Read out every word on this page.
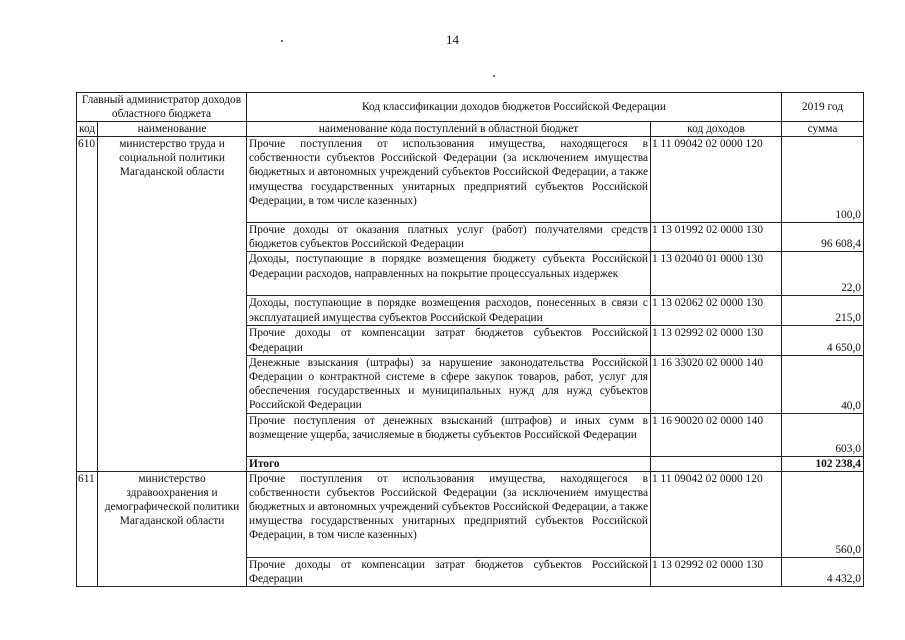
14
Главный администратор доходов областного бюджета		Код классификации доходов бюджетов Российской Федерации		2019 год
код	наименование	наименование кода поступлений в областной бюджет	код доходов	сумма
610	министерство труда и социальной политики Магаданской области	Прочие поступления от использования имущества, находящегося в собственности субъектов Российской Федерации (за исключением имущества бюджетных и автономных учреждений субъектов Российской Федерации, а также имущества государственных унитарных предприятий субъектов Российской Федерации, в том числе казенных)	1 11 09042 02 0000 120	100,0
		Прочие доходы от оказания платных услуг (работ) получателями средств бюджетов субъектов Российской Федерации	1 13 01992 02 0000 130	96 608,4
		Доходы, поступающие в порядке возмещения бюджету субъекта Российской Федерации расходов, направленных на покрытие процессуальных издержек	1 13 02040 01 0000 130	22,0
		Доходы, поступающие в порядке возмещения расходов, понесенных в связи с эксплуатацией имущества субъектов Российской Федерации	1 13 02062 02 0000 130	215,0
		Прочие доходы от компенсации затрат бюджетов субъектов Российской Федерации	1 13 02992 02 0000 130	4 650,0
		Денежные взыскания (штрафы) за нарушение законодательства Российской Федерации о контрактной системе в сфере закупок товаров, работ, услуг для обеспечения государственных и муниципальных нужд для нужд субъектов Российской Федерации	1 16 33020 02 0000 140	40,0
		Прочие поступления от денежных взысканий (штрафов) и иных сумм в возмещение ущерба, зачисляемые в бюджеты субъектов Российской Федерации	1 16 90020 02 0000 140	603,0
		Итого		102 238,4
611	министерство здравоохранения и демографической политики Магаданской области	Прочие поступления от использования имущества, находящегося в собственности субъектов Российской Федерации (за исключением имущества бюджетных и автономных учреждений субъектов Российской Федерации, а также имущества государственных унитарных предприятий субъектов Российской Федерации, в том числе казенных)	1 11 09042 02 0000 120	560,0
		Прочие доходы от компенсации затрат бюджетов субъектов Российской Федерации	1 13 02992 02 0000 130	4 432,0
